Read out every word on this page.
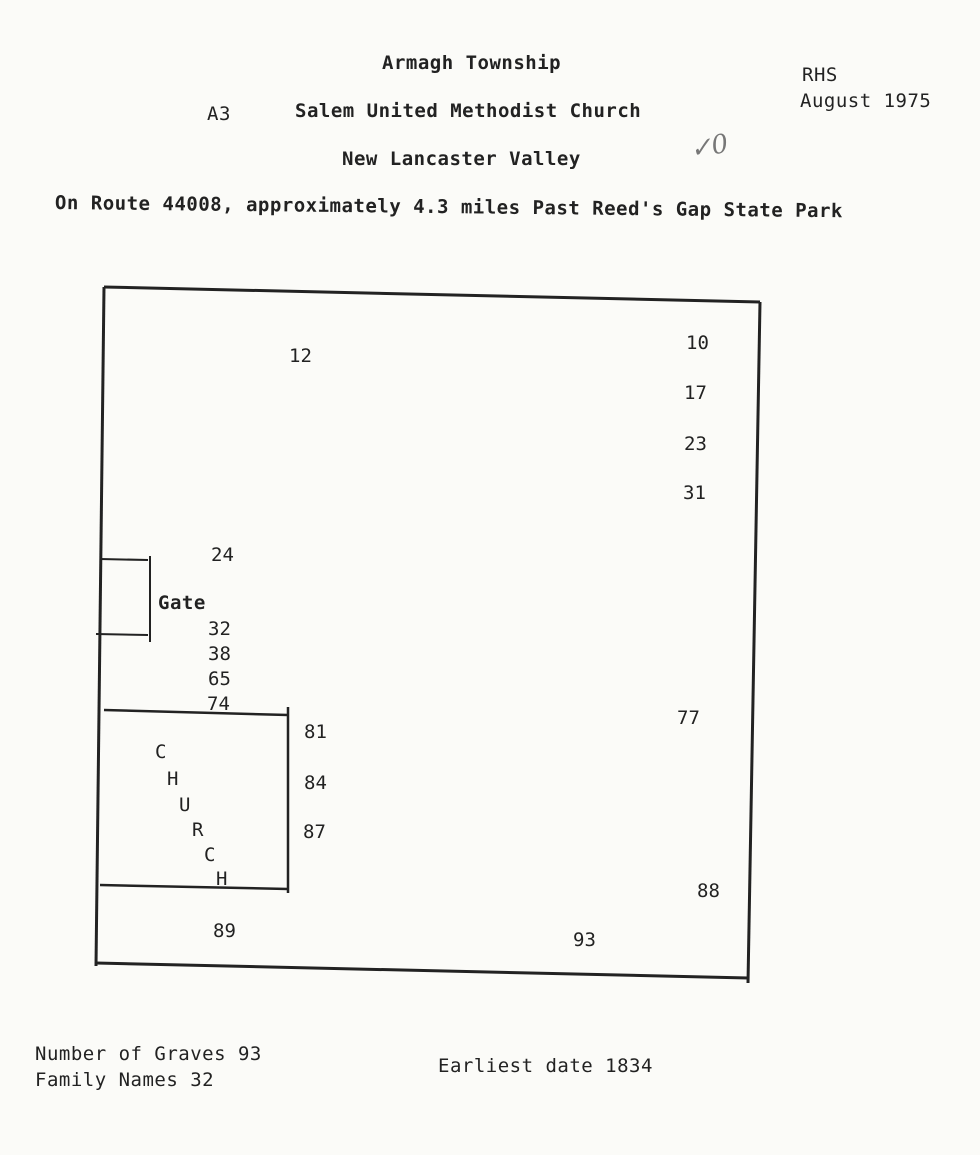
Armagh Township
A3	Salem United Methodist Church
New Lancaster Valley
On Route 44008, approximately 4.3 miles Past Reed's Gap State Park
RHS
August 1975
✓0
Gate
C
H
U
R
C
H
12
10
17
23
31
24
32
38
65
74
81
84
87
77
88
89	93
Number of Graves 93
Family Names 32
Earliest date 1834
